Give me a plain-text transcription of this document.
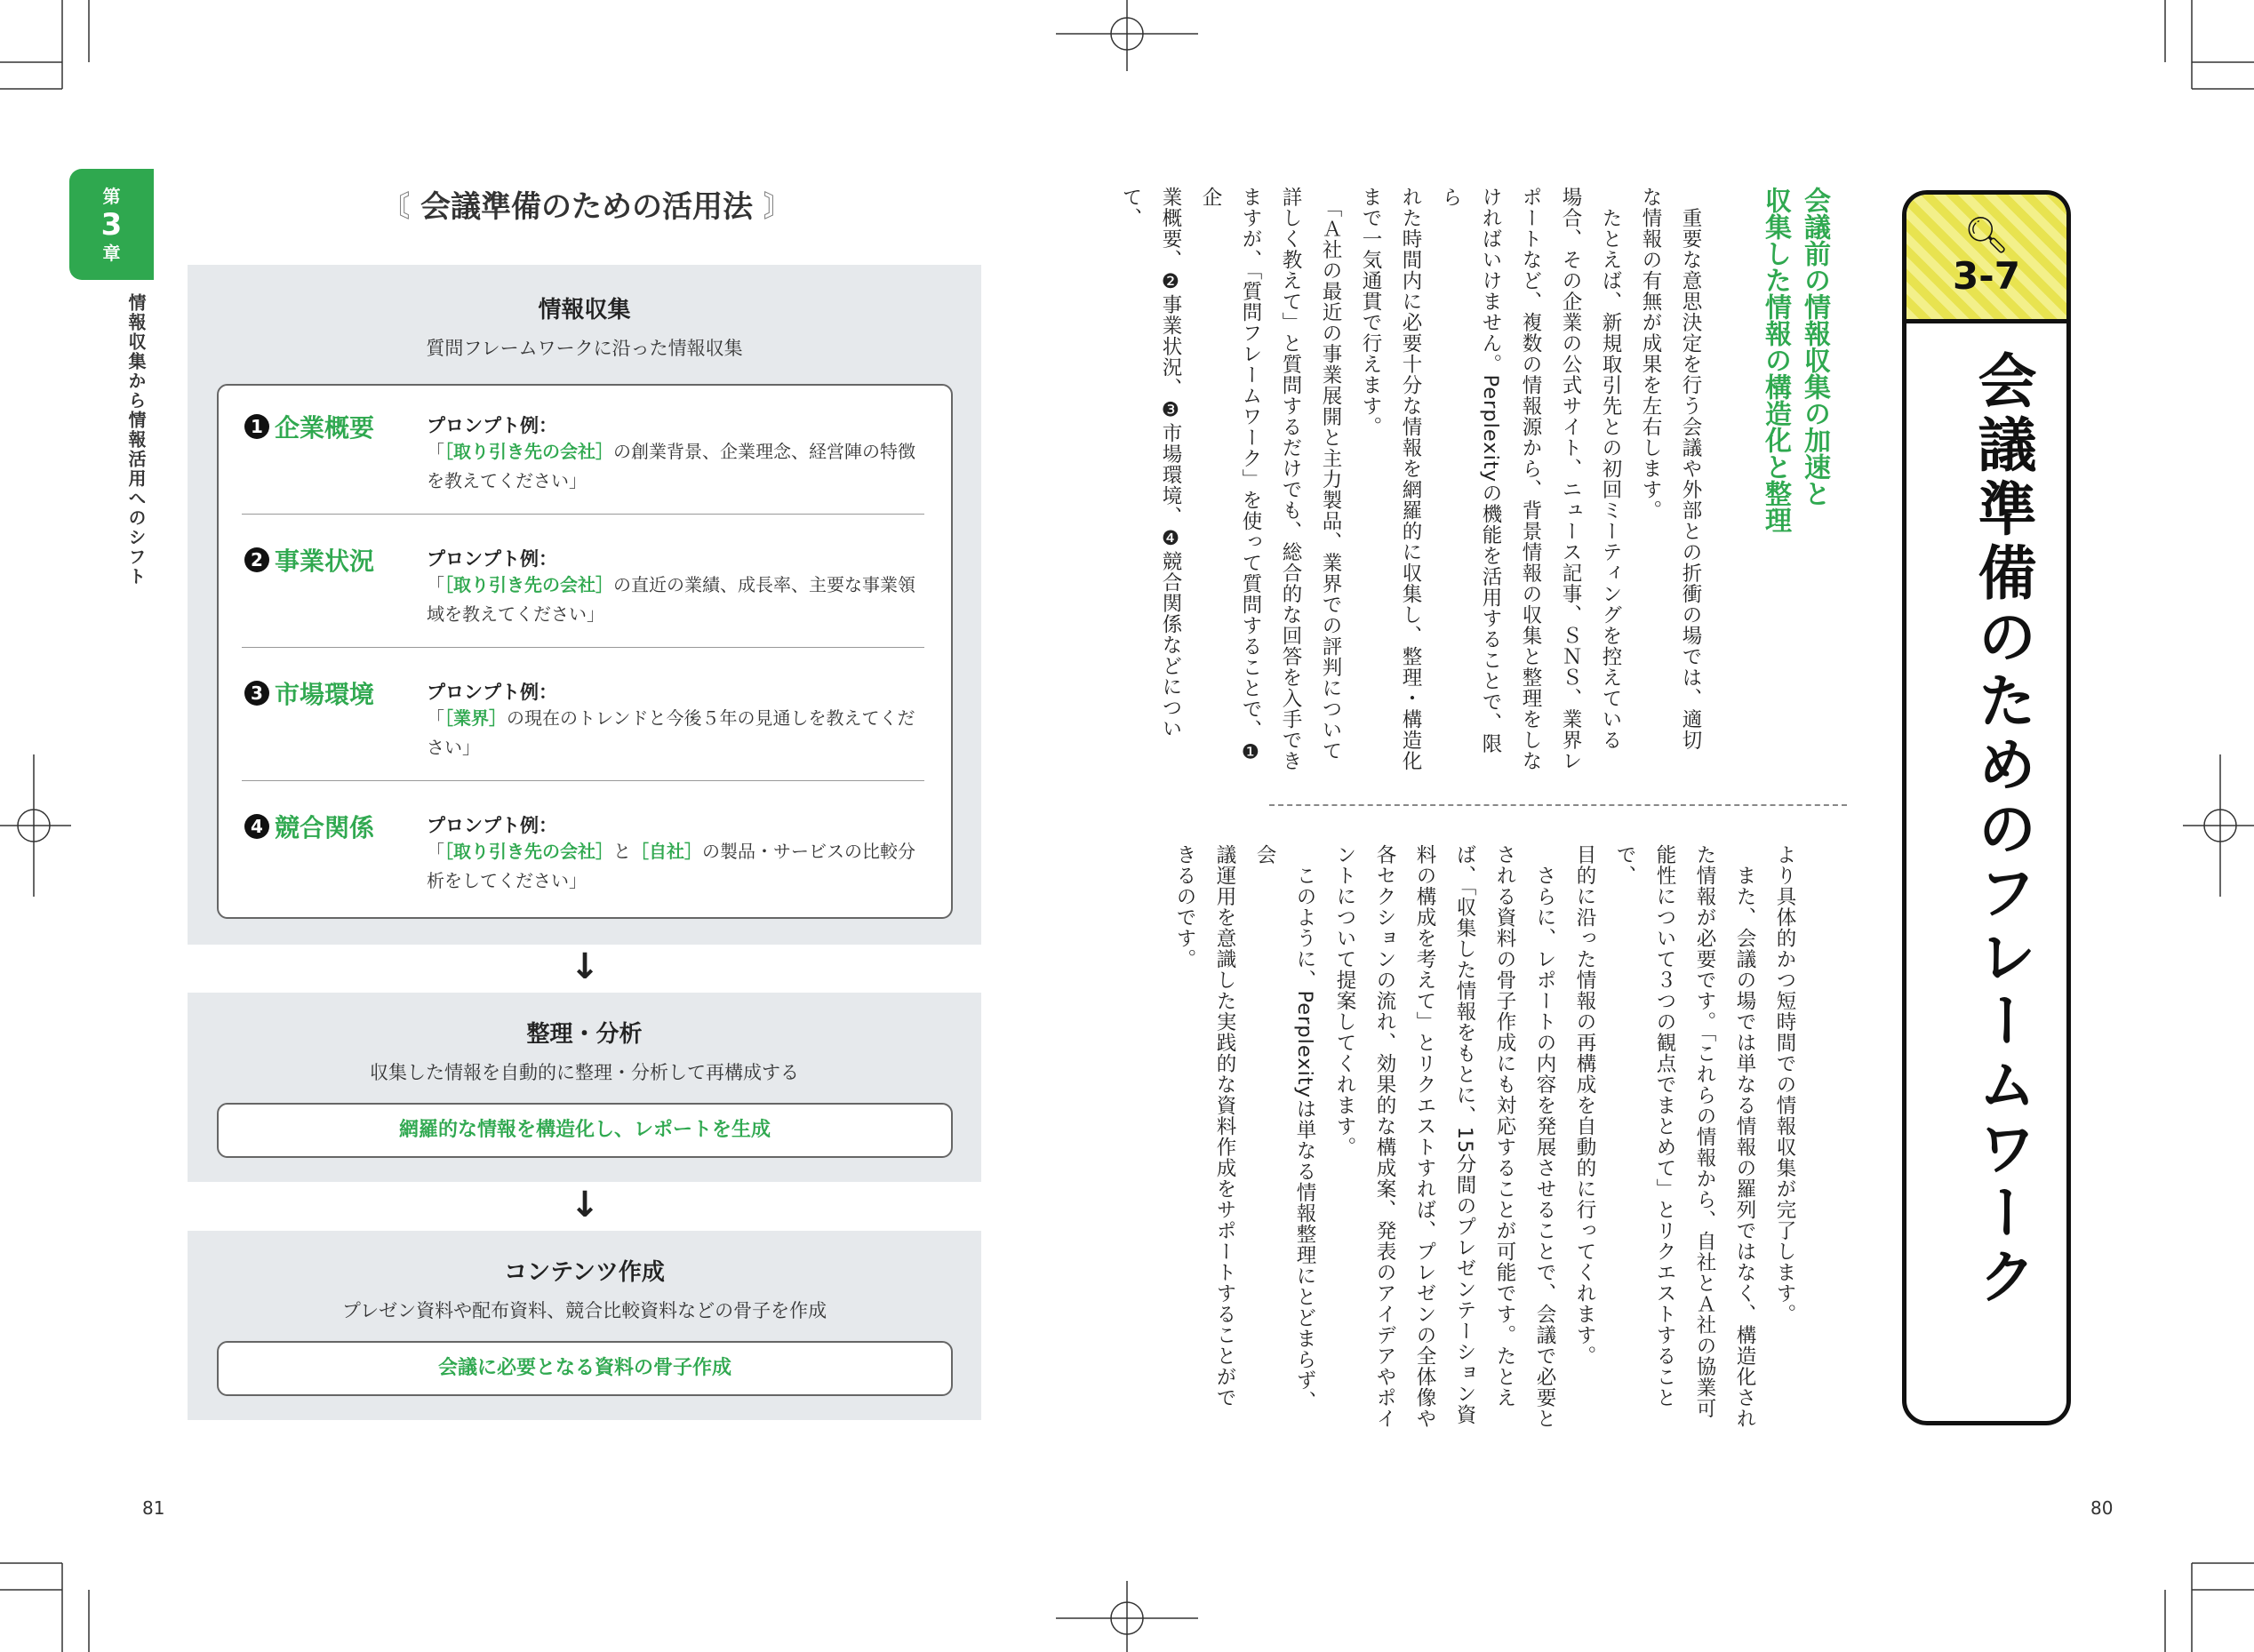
第
3
章
情報収集から情報活用へのシフト
〘 会議準備のための活用法 〙
情報収集
質問フレームワークに沿った情報収集
1 企業概要	プロンプト例：
「［取り引き先の会社］の創業背景、企業理念、経営陣の特徴を教えてください」
2 事業状況	プロンプト例：
「［取り引き先の会社］の直近の業績、成長率、主要な事業領域を教えてください」
3 市場環境	プロンプト例：
「［業界］の現在のトレンドと今後５年の見通しを教えてください」
4 競合関係	プロンプト例：
「［取り引き先の会社］と［自社］の製品・サービスの比較分析をしてください」
↓
整理・分析
収集した情報を自動的に整理・分析して再構成する
網羅的な情報を構造化し、レポートを生成
↓
コンテンツ作成
プレゼン資料や配布資料、競合比較資料などの骨子を作成
会議に必要となる資料の骨子作成
81
🔍︎
3-7
会議準備のためのフレームワーク
会議前の情報収集の加速と
収集した情報の構造化と整理
　重要な意思決定を行う会議や外部との折衝の場では、適切
な情報の有無が成果を左右します。
　たとえば、新規取引先との初回ミーティングを控えている
場合、その企業の公式サイト、ニュース記事、ＳＮＳ、業界レ
ポートなど、複数の情報源から、背景情報の収集と整理をしな
ければいけません。Perplexityの機能を活用することで、限ら
れた時間内に必要十分な情報を網羅的に収集し、整理・構造化
まで一気通貫で行えます。
　「Ａ社の最近の事業展開と主力製品、業界での評判について
詳しく教えて」と質問するだけでも、総合的な回答を入手でき
ますが、「質問フレームワーク」を使って質問することで、❶企
業概要、❷事業状況、❸市場環境、❹競合関係などについて、
より具体的かつ短時間での情報収集が完了します。
　また、会議の場では単なる情報の羅列ではなく、構造化され
た情報が必要です。「これらの情報から、自社とＡ社の協業可
能性について３つの観点でまとめて」とリクエストすることで、
目的に沿った情報の再構成を自動的に行ってくれます。
　さらに、レポートの内容を発展させることで、会議で必要と
される資料の骨子作成にも対応することが可能です。たとえ
ば、「収集した情報をもとに、15分間のプレゼンテーション資
料の構成を考えて」とリクエストすれば、プレゼンの全体像や
各セクションの流れ、効果的な構成案、発表のアイデアやポイ
ントについて提案してくれます。
　このように、Perplexityは単なる情報整理にとどまらず、会
議運用を意識した実践的な資料作成をサポートすることがで
きるのです。
80
